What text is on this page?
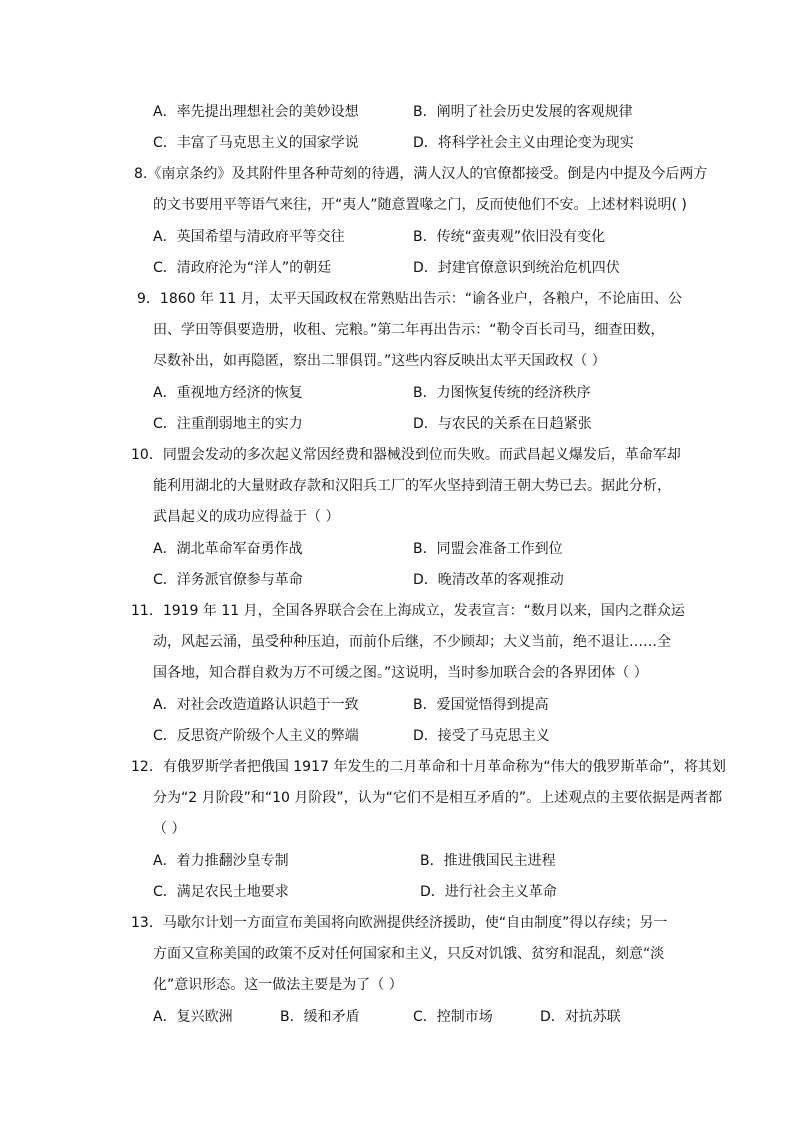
A．率先提出理想社会的美妙设想	B．阐明了社会历史发展的客观规律
C．丰富了马克思主义的国家学说	D．将科学社会主义由理论变为现实
8.《南京条约》及其附件里各种苛刻的待遇，满人汉人的官僚都接受。倒是内中提及今后两方
的文书要用平等语气来往，开“夷人”随意置喙之门，反而使他们不安。上述材料说明( )
A．英国希望与清政府平等交往	B．传统“蛮夷观”依旧没有变化
C．清政府沦为“洋人”的朝廷	D．封建官僚意识到统治危机四伏
9．1860 年 11 月，太平天国政权在常熟贴出告示：“谕各业户，各粮户，不论庙田、公
田、学田等俱要造册，收租、完粮。”第二年再出告示：“勒令百长司马，细查田数，
尽数补出，如再隐匿，察出二罪俱罚。”这些内容反映出太平天国政权（ ）
A．重视地方经济的恢复	B．力图恢复传统的经济秩序
C．注重削弱地主的实力	D．与农民的关系在日趋紧张
10．同盟会发动的多次起义常因经费和器械没到位而失败。而武昌起义爆发后，革命军却
能利用湖北的大量财政存款和汉阳兵工厂的军火坚持到清王朝大势已去。据此分析，
武昌起义的成功应得益于（ ）
A．湖北革命军奋勇作战	B．同盟会准备工作到位
C．洋务派官僚参与革命	D．晚清改革的客观推动
11．1919 年 11 月，全国各界联合会在上海成立，发表宣言：“数月以来，国内之群众运
动，风起云涌，虽受种种压迫，而前仆后继，不少顾却；大义当前，绝不退让……全
国各地，知合群自救为万不可缓之图。”这说明，当时参加联合会的各界团体（ ）
A．对社会改造道路认识趋于一致	B．爱国觉悟得到提高
C．反思资产阶级个人主义的弊端	D．接受了马克思主义
12．有俄罗斯学者把俄国 1917 年发生的二月革命和十月革命称为“伟大的俄罗斯革命”，将其划
分为“2 月阶段”和“10 月阶段”，认为“它们不是相互矛盾的”。上述观点的主要依据是两者都
（ ）
A．着力推翻沙皇专制	B．推进俄国民主进程
C．满足农民土地要求	D．进行社会主义革命
13．马歇尔计划一方面宣布美国将向欧洲提供经济援助，使“自由制度”得以存续；另一
方面又宣称美国的政策不反对任何国家和主义，只反对饥饿、贫穷和混乱，刻意“淡
化”意识形态。这一做法主要是为了（ ）
A．复兴欧洲	B．缓和矛盾	C．控制市场	D．对抗苏联
